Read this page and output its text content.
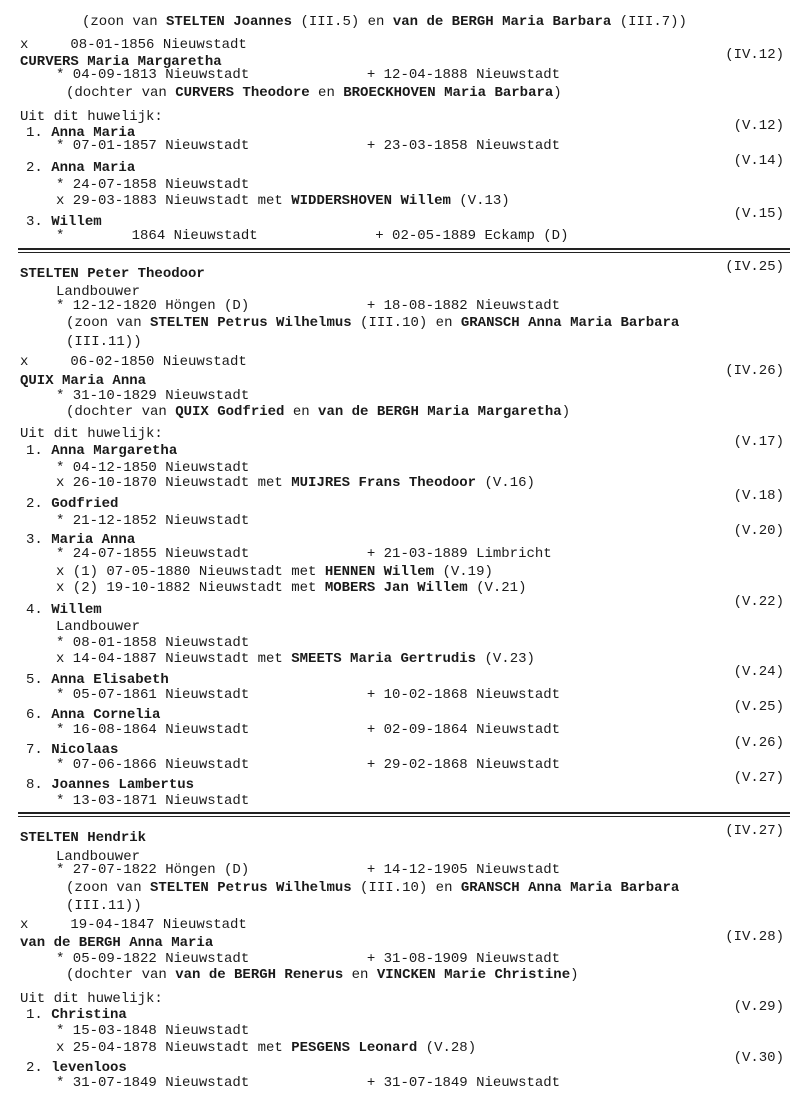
(zoon van STELTEN Joannes (III.5) en van de BERGH Maria Barbara (III.7))
x     08-01-1856 Nieuwstadt
CURVERS Maria Margaretha
* 04-09-1813 Nieuwstadt              + 12-04-1888 Nieuwstadt
(dochter van CURVERS Theodore en BROECKHOVEN Maria Barbara)
Uit dit huwelijk:
1. Anna Maria
* 07-01-1857 Nieuwstadt              + 23-03-1858 Nieuwstadt
2. Anna Maria
* 24-07-1858 Nieuwstadt
x 29-03-1883 Nieuwstadt met WIDDERSHOVEN Willem (V.13)
3. Willem
*        1864 Nieuwstadt              + 02-05-1889 Eckamp (D)
STELTEN Peter Theodoor
Landbouwer
* 12-12-1820 Höngen (D)              + 18-08-1882 Nieuwstadt
(zoon van STELTEN Petrus Wilhelmus (III.10) en GRANSCH Anna Maria Barbara
(III.11))
x     06-02-1850 Nieuwstadt
QUIX Maria Anna
* 31-10-1829 Nieuwstadt
(dochter van QUIX Godfried en van de BERGH Maria Margaretha)
Uit dit huwelijk:
1. Anna Margaretha
* 04-12-1850 Nieuwstadt
x 26-10-1870 Nieuwstadt met MUIJRES Frans Theodoor (V.16)
2. Godfried
* 21-12-1852 Nieuwstadt
3. Maria Anna
* 24-07-1855 Nieuwstadt              + 21-03-1889 Limbricht
x (1) 07-05-1880 Nieuwstadt met HENNEN Willem (V.19)
x (2) 19-10-1882 Nieuwstadt met MOBERS Jan Willem (V.21)
4. Willem
Landbouwer
* 08-01-1858 Nieuwstadt
x 14-04-1887 Nieuwstadt met SMEETS Maria Gertrudis (V.23)
5. Anna Elisabeth
* 05-07-1861 Nieuwstadt              + 10-02-1868 Nieuwstadt
6. Anna Cornelia
* 16-08-1864 Nieuwstadt              + 02-09-1864 Nieuwstadt
7. Nicolaas
* 07-06-1866 Nieuwstadt              + 29-02-1868 Nieuwstadt
8. Joannes Lambertus
* 13-03-1871 Nieuwstadt
STELTEN Hendrik
Landbouwer
* 27-07-1822 Höngen (D)              + 14-12-1905 Nieuwstadt
(zoon van STELTEN Petrus Wilhelmus (III.10) en GRANSCH Anna Maria Barbara
(III.11))
x     19-04-1847 Nieuwstadt
van de BERGH Anna Maria
* 05-09-1822 Nieuwstadt              + 31-08-1909 Nieuwstadt
(dochter van van de BERGH Renerus en VINCKEN Marie Christine)
Uit dit huwelijk:
1. Christina
* 15-03-1848 Nieuwstadt
x 25-04-1878 Nieuwstadt met PESGENS Leonard (V.28)
2. levenloos
* 31-07-1849 Nieuwstadt              + 31-07-1849 Nieuwstadt
(IV.12)
(V.12)
(V.14)
(V.15)
(IV.25)
(IV.26)
(V.17)
(V.18)
(V.20)
(V.22)
(V.24)
(V.25)
(V.26)
(V.27)
(IV.27)
(IV.28)
(V.29)
(V.30)
